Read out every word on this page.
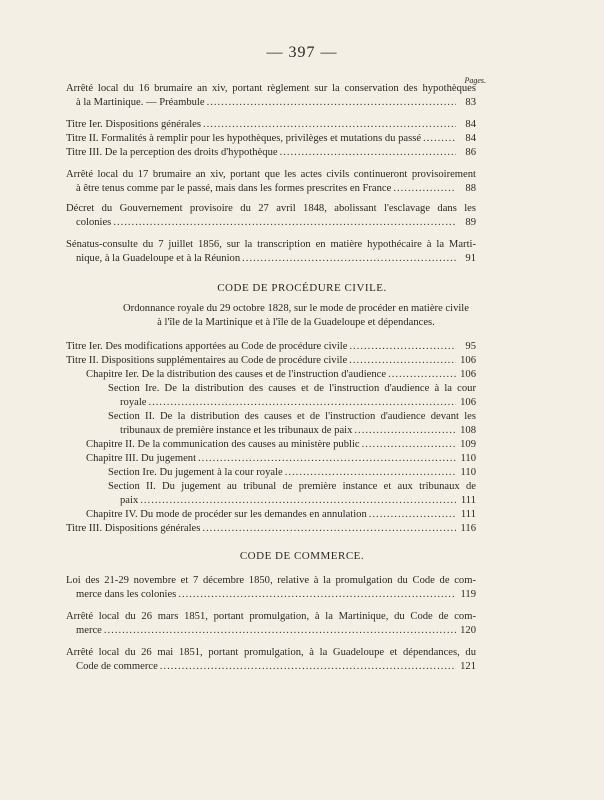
— 397 —
Pages.
Arrêté local du 16 brumaire an xiv, portant règlement sur la conservation des hypothèques
à la Martinique. — Préambule .....	83
Titre Ier. Dispositions générales .....	84
Titre II. Formalités à remplir pour les hypothèques, privilèges et mutations du passé .....	84
Titre III. De la perception des droits d'hypothèque .....	86
Arrêté local du 17 brumaire an xiv, portant que les actes civils continueront provisoirement
à être tenus comme par le passé, mais dans les formes prescrites en France .....	88
Décret du Gouvernement provisoire du 27 avril 1848, abolissant l'esclavage dans les
colonies .....	89
Sénatus-consulte du 7 juillet 1856, sur la transcription en matière hypothécaire à la Marti-
nique, à la Guadeloupe et à la Réunion .....	91
CODE DE PROCÉDURE CIVILE.
Ordonnance royale du 29 octobre 1828, sur le mode de procéder en matière civile
à l'île de la Martinique et à l'île de la Guadeloupe et dépendances.
Titre Ier. Des modifications apportées au Code de procédure civile .....	95
Titre II. Dispositions supplémentaires au Code de procédure civile .....	106
Chapitre Ier. De la distribution des causes et de l'instruction d'audience .....	106
Section Ire. De la distribution des causes et de l'instruction d'audience à la cour
royale .....	106
Section II. De la distribution des causes et de l'instruction d'audience devant les
tribunaux de première instance et les tribunaux de paix .....	108
Chapitre II. De la communication des causes au ministère public .....	109
Chapitre III. Du jugement .....	110
Section Ire. Du jugement à la cour royale .....	110
Section II. Du jugement au tribunal de première instance et aux tribunaux de
paix .....	111
Chapitre IV. Du mode de procéder sur les demandes en annulation .....	111
Titre III. Dispositions générales .....	116
CODE DE COMMERCE.
Loi des 21-29 novembre et 7 décembre 1850, relative à la promulgation du Code de com-
merce dans les colonies .....	119
Arrêté local du 26 mars 1851, portant promulgation, à la Martinique, du Code de com-
merce .....	120
Arrêté local du 26 mai 1851, portant promulgation, à la Guadeloupe et dépendances, du
Code de commerce .....	121
